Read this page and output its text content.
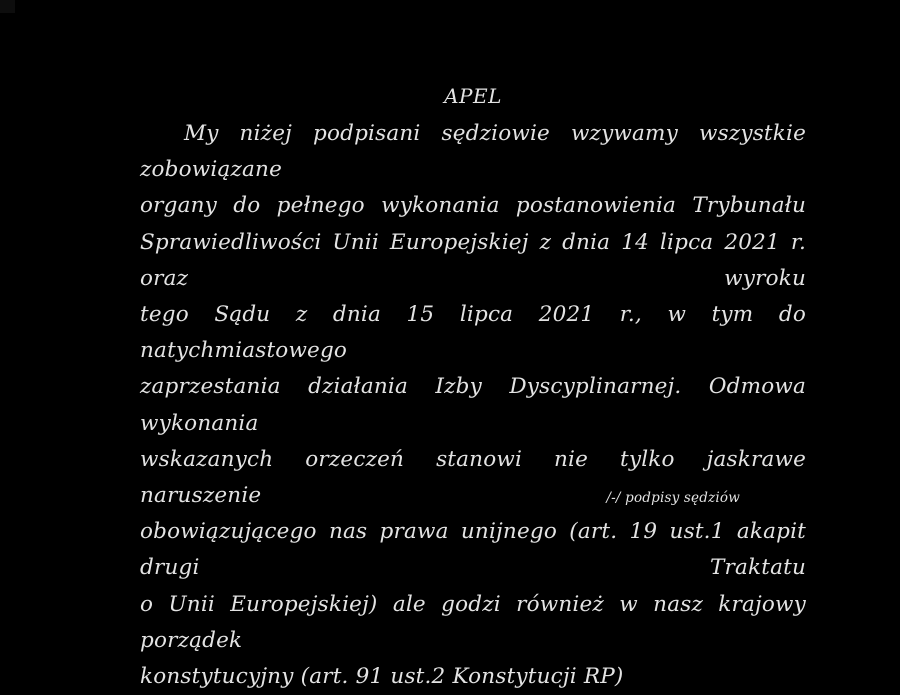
APEL
My niżej podpisani sędziowie wzywamy wszystkie zobowiązane
organy do pełnego wykonania postanowienia Trybunału
Sprawiedliwości Unii Europejskiej z dnia 14 lipca 2021 r. oraz wyroku
tego Sądu z dnia 15 lipca 2021 r., w tym do natychmiastowego
zaprzestania działania Izby Dyscyplinarnej. Odmowa wykonania
wskazanych orzeczeń stanowi nie tylko jaskrawe naruszenie
obowiązującego nas prawa unijnego (art. 19 ust.1 akapit drugi Traktatu
o Unii Europejskiej) ale godzi również w nasz krajowy porządek
konstytucyjny (art. 91 ust.2 Konstytucji RP)
/-/ podpisy sędziów
